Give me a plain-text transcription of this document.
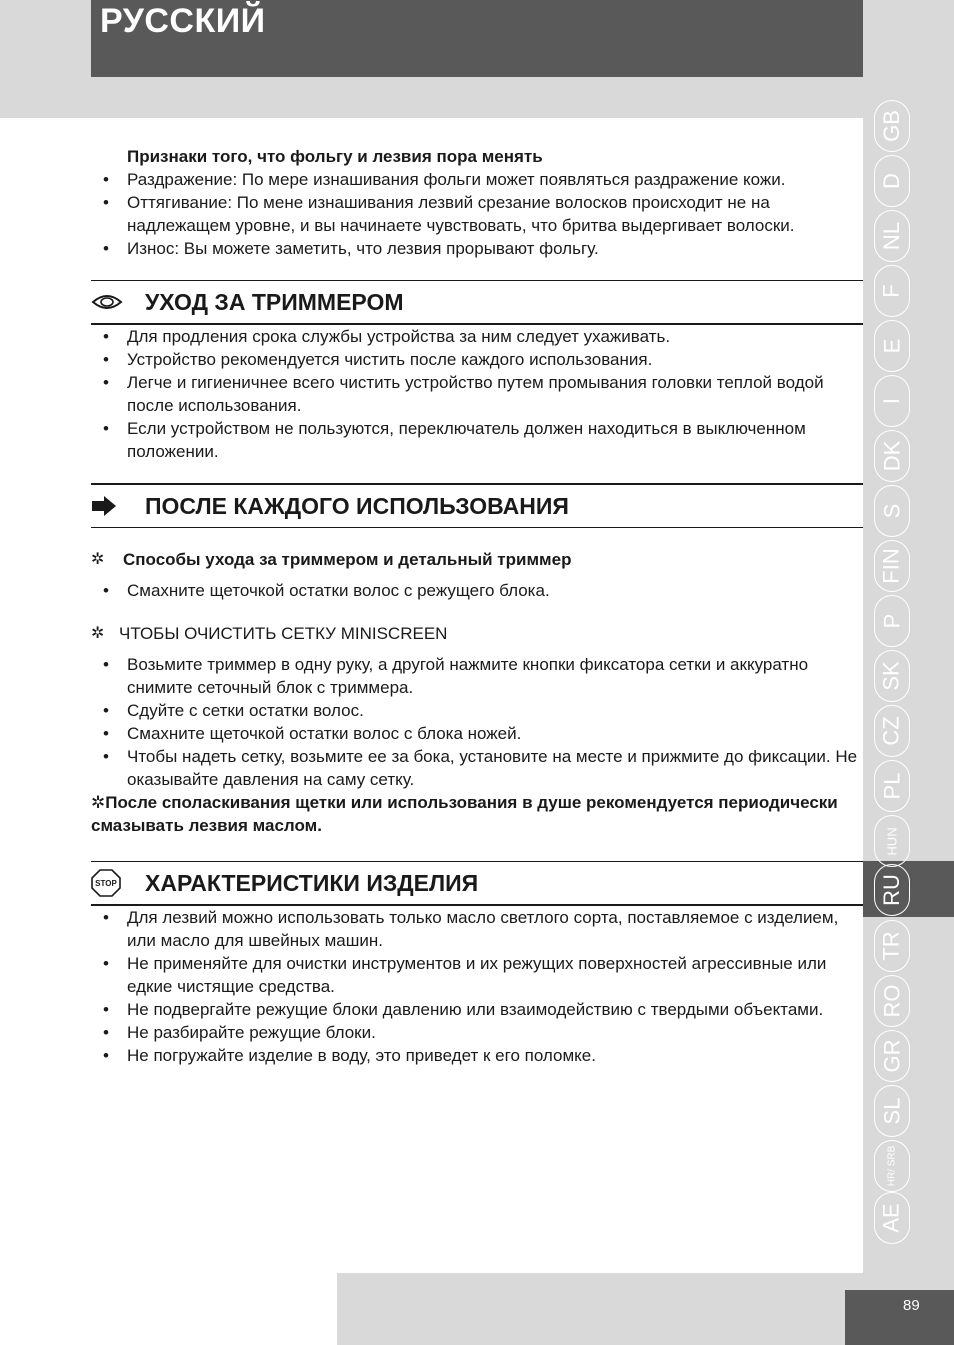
РУССКИЙ

Признаки того, что фольгу и лезвия пора менять

• Раздражение: По мере изнашивания фольги может появляться раздражение кожи.
• Оттягивание: По мене изнашивания лезвий срезание волосков происходит не на надлежащем уровне, и вы начинаете чувствовать, что бритва выдергивает волоски.
• Износ: Вы можете заметить, что лезвия прорывают фольгу.
УХОД ЗА ТРИММЕРОМ
• Для продления срока службы устройства за ним следует ухаживать.
• Устройство рекомендуется чистить после каждого использования.
• Легче и гигиеничнее всего чистить устройство путем промывания головки теплой водой после использования.
• Если устройством не пользуются, переключатель должен находиться в выключенном положении.
ПОСЛЕ КАЖДОГО ИСПОЛЬЗОВАНИЯ
✲ Способы ухода за триммером и детальный триммер
• Смахните щеточкой остатки волос с режущего блока.
✲ ЧТОБЫ ОЧИСТИТЬ СЕТКУ MINISCREEN
• Возьмите триммер в одну руку, а другой нажмите кнопки фиксатора сетки и аккуратно снимите сеточный блок с триммера.
• Сдуйте с сетки остатки волос.
• Смахните щеточкой остатки волос с блока ножей.
• Чтобы надеть сетку, возьмите ее за бока, установите на месте и прижмите до фиксации. Не оказывайте давления на саму сетку.

✲После споласкивания щетки или использования в душе рекомендуется периодически смазывать лезвия маслом.

STOP ХАРАКТЕРИСТИКИ ИЗДЕЛИЯ
• Для лезвий можно использовать только масло светлого сорта, поставляемое с изделием, или масло для швейных машин.
• Не применяйте для очистки инструментов и их режущих поверхностей агрессивные или едкие чистящие средства.
• Не подвергайте режущие блоки давлению или взаимодействию с твердыми объектами.
• Не разбирайте режущие блоки.
• Не погружайте изделие в воду, это приведет к его поломке.
GB
D
NL
F
E
I
DK
S
FIN
P
SK
CZ
PL
HUN
RU
TR
RO
GR
SL
HR/ SRB
AE
89
